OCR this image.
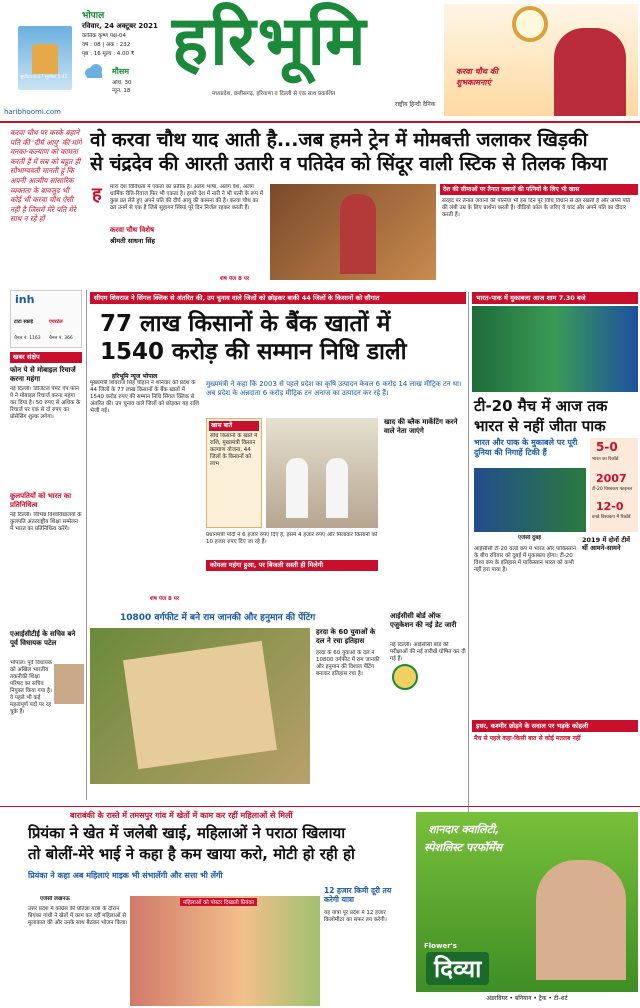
सूर्योदय 6:27 सूर्यास्त 5:45
भोपाल
रविवार, 24 अक्टूबर 2021
कार्तिक कृष्ण पक्ष-04
वर्ष : 08 | अंक : 232
पृष्ठ : 16 मूल्य : 4.00 ₹
मौसम
अधि. 30
न्यून. 18
हरिभूमि
मध्यप्रदेश, छत्तीसगढ़, हरियाणा व दिल्ली से एक साथ प्रकाशित
राष्ट्रीय हिन्दी दैनिक
haribhoomi.com
करवा चौथ की शुभकामनाएं
करवा चौथ पर करके बहाने पति की 'दीर्घ आयु' की मांगे मनका-कल्याण को कामना करती हैं में सब को बहुत ही सौभाग्यवती मानती हूं कि अपनी आत्मीय सांसारिक व्यक्तता के बावजूद भी कोई भी करवा चौथ ऐसी नहीं है जिसमें मेरे पति मेरे साथ न रहे हों
वो करवा चौथ याद आती है...जब हमने ट्रेन में मोमबत्ती जलाकर खिड़की
से चंद्रदेव की आरती उतारी व पतिदेव को सिंदूर वाली स्टिक से तिलक किया
ह मारा देश विविधता में एकता का प्रतीक है। अलग भाषा, अलग वेश, अलग धार्मिक रीति-रिवाज फिर भी एकता है। हमारे देश में नारी ने भी पत्नी के रूप में कुछ व्रत लेते हुए अपने पति की दीर्घ आयु की कामना की है। करवा चौथ का व्रत उनमें से एक है जिसे सुहागन स्त्रियां पूरे दिन निर्जल रहकर करती हैं।
करवा चौथ विशेष
श्रीमती साधना सिंह
शेष पेज 8 पर
देश की सीमाओं पर तैनात जवानों की पत्नियों के लिए भी खास
सरहद पर तैनात जवानों की पत्नियां भी इस दिन पूरे विधि विधान से व्रत रखती हैं और अपने पति की लंबी उम्र के लिए प्रार्थना करती हैं। वीडियो कॉल के जरिए वे चांद और अपने पति का दीदार करती हैं।
inh
टाटा स्काई
चैनल नं. 1163
एयरटेल
चैनल नं. 366
खबर संक्षेप
फोन पे से मोबाइल रिचार्ज करना महंगा
नई दिल्ली। डिजिटल पेमेंट ऐप फोन पे ने मोबाइल रिचार्ज करना महंगा कर दिया है। 50 रुपए से अधिक के रिचार्ज पर एक से दो रुपए का प्रोसेसिंग शुल्क लगेगा।
कुलपतियों को भारत का प्रतिनिधित्व
नई दिल्ली। विभिन्न विश्वविद्यालयों के कुलपति अंतरराष्ट्रीय शिक्षा सम्मेलन में भारत का प्रतिनिधित्व करेंगे।
एआईसीटीई के सचिव बने पूर्व विधायक पटेल
भोपाल। पूर्व विधायक को अखिल भारतीय तकनीकी शिक्षा परिषद का सचिव नियुक्त किया गया है। वे पहले भी कई महत्वपूर्ण पदों पर रह चुके हैं।
सीएम शिवराज ने सिंगल क्लिक से अंतरित की, उप चुनाव वाले जिलों को छोड़कर बाकी 44 जिलों के किसानों को सौगात
77 लाख किसानों के बैंक खातों में
1540 करोड़ की सम्मान निधि डाली
हरिभूमि न्यूज भोपाल
मुख्यमंत्री शिवराज सिंह चौहान ने शनिवार को प्रदेश के 44 जिलों के 77 लाख किसानों के बैंक खातों में 1540 करोड़ रुपए की सम्मान निधि सिंगल क्लिक से अंतरित की। उप चुनाव वाले जिलों को छोड़कर यह राशि भेजी गई।
मुख्यमंत्री ने कहा कि 2003 से पहले प्रदेश का कृषि उत्पादन केवल 6 करोड़ 14 लाख मीट्रिक टन था। अब प्रदेश के अन्नदाता 6 करोड़ मीट्रिक टन अनाज का उत्पादन कर रहे हैं।
खास बातें
सीधे किसानों के खाते में राशि, मुख्यमंत्री किसान कल्याण योजना, 44 जिलों के किसानों को लाभ
प्रधानमंत्री मोदी ने 6 हजार रुपए दिए हैं, इसमें 4 हजार रुपए और मिलाकर किसानों को 10 हजार रुपए दिए जा रहे हैं।
कोयला महंगा हुआ, पर बिजली सस्ती ही मिलेगी
खाद की ब्लैक मार्केटिंग करने वाले नेता जाएंगे
शेष पेज 8 पर
भारत-पाक में मुकाबला आज शाम 7.30 बजे
टी-20 मैच में आज तक भारत से नहीं जीता पाक
भारत और पाक के मुकाबले पर पूरी दुनिया की निगाहें टिकी हैं	5-0
भारत का रिकॉर्ड
2007
टी-20 विश्वकप फाइनल
12-0
वनडे विश्वकप में रिकॉर्ड
एजेंसी दुबई
आईसीसी टी-20 वर्ल्ड कप में भारत और पाकिस्तान के बीच रविवार को दुबई में मुकाबला होगा। टी-20 विश्व कप के इतिहास में पाकिस्तान भारत को कभी नहीं हरा पाया है।
2019 में दोनों टीमें थीं आमने-सामने
इधर, कश्मीर छोड़ने के सवाल पर भड़के कोहली
मैच से पहले कहा-किसी बात से कोई मतलब नहीं
10800 वर्गफीट में बने राम जानकी और हनुमान की पेंटिंग
हरदा के 60 युवाओं के दल ने रचा इतिहास
हरदा के 60 युवाओं के दल ने 10800 वर्गफीट में राम जानकी और हनुमान की विशाल पेंटिंग बनाकर इतिहास रचा है।
आईसीसी बोर्ड ऑफ एजुकेशन की नई डेट जारी
नई दिल्ली। आईसीसी बोर्ड की परीक्षाओं की नई तारीखें घोषित कर दी गई हैं।
बाराबंकी के रास्ते में तमसपुर गांव में खेतों में काम कर रहीं महिलाओं से मिलीं
प्रियंका ने खेत में जलेबी खाई, महिलाओं ने पराठा खिलाया
तो बोलीं-मेरे भाई ने कहा है कम खाया करो, मोटी हो रही हो
प्रियंका ने कहा अब महिलाएं माइक भी संभालेंगी और सत्ता भी लेंगी
एजेंसी लखनऊ
उत्तर प्रदेश में कांग्रेस की प्रतिज्ञा यात्रा के दौरान प्रियंका गांधी ने खेतों में काम कर रहीं महिलाओं से मुलाकात की और उनके साथ बैठकर भोजन किया।
महिलाओं को पोस्टर दिखाती प्रियंका
12 हजार किमी दूरी तय करेगी यात्रा
यह यात्रा पूरे प्रदेश में 12 हजार किलोमीटर का सफर तय करेगी।
शानदार क्वालिटी,
स्पेशलिस्ट परफॉर्मेंस
Flower's
दिव्या
अंडरवियर • बनियान • ट्रैक • टी-शर्ट
